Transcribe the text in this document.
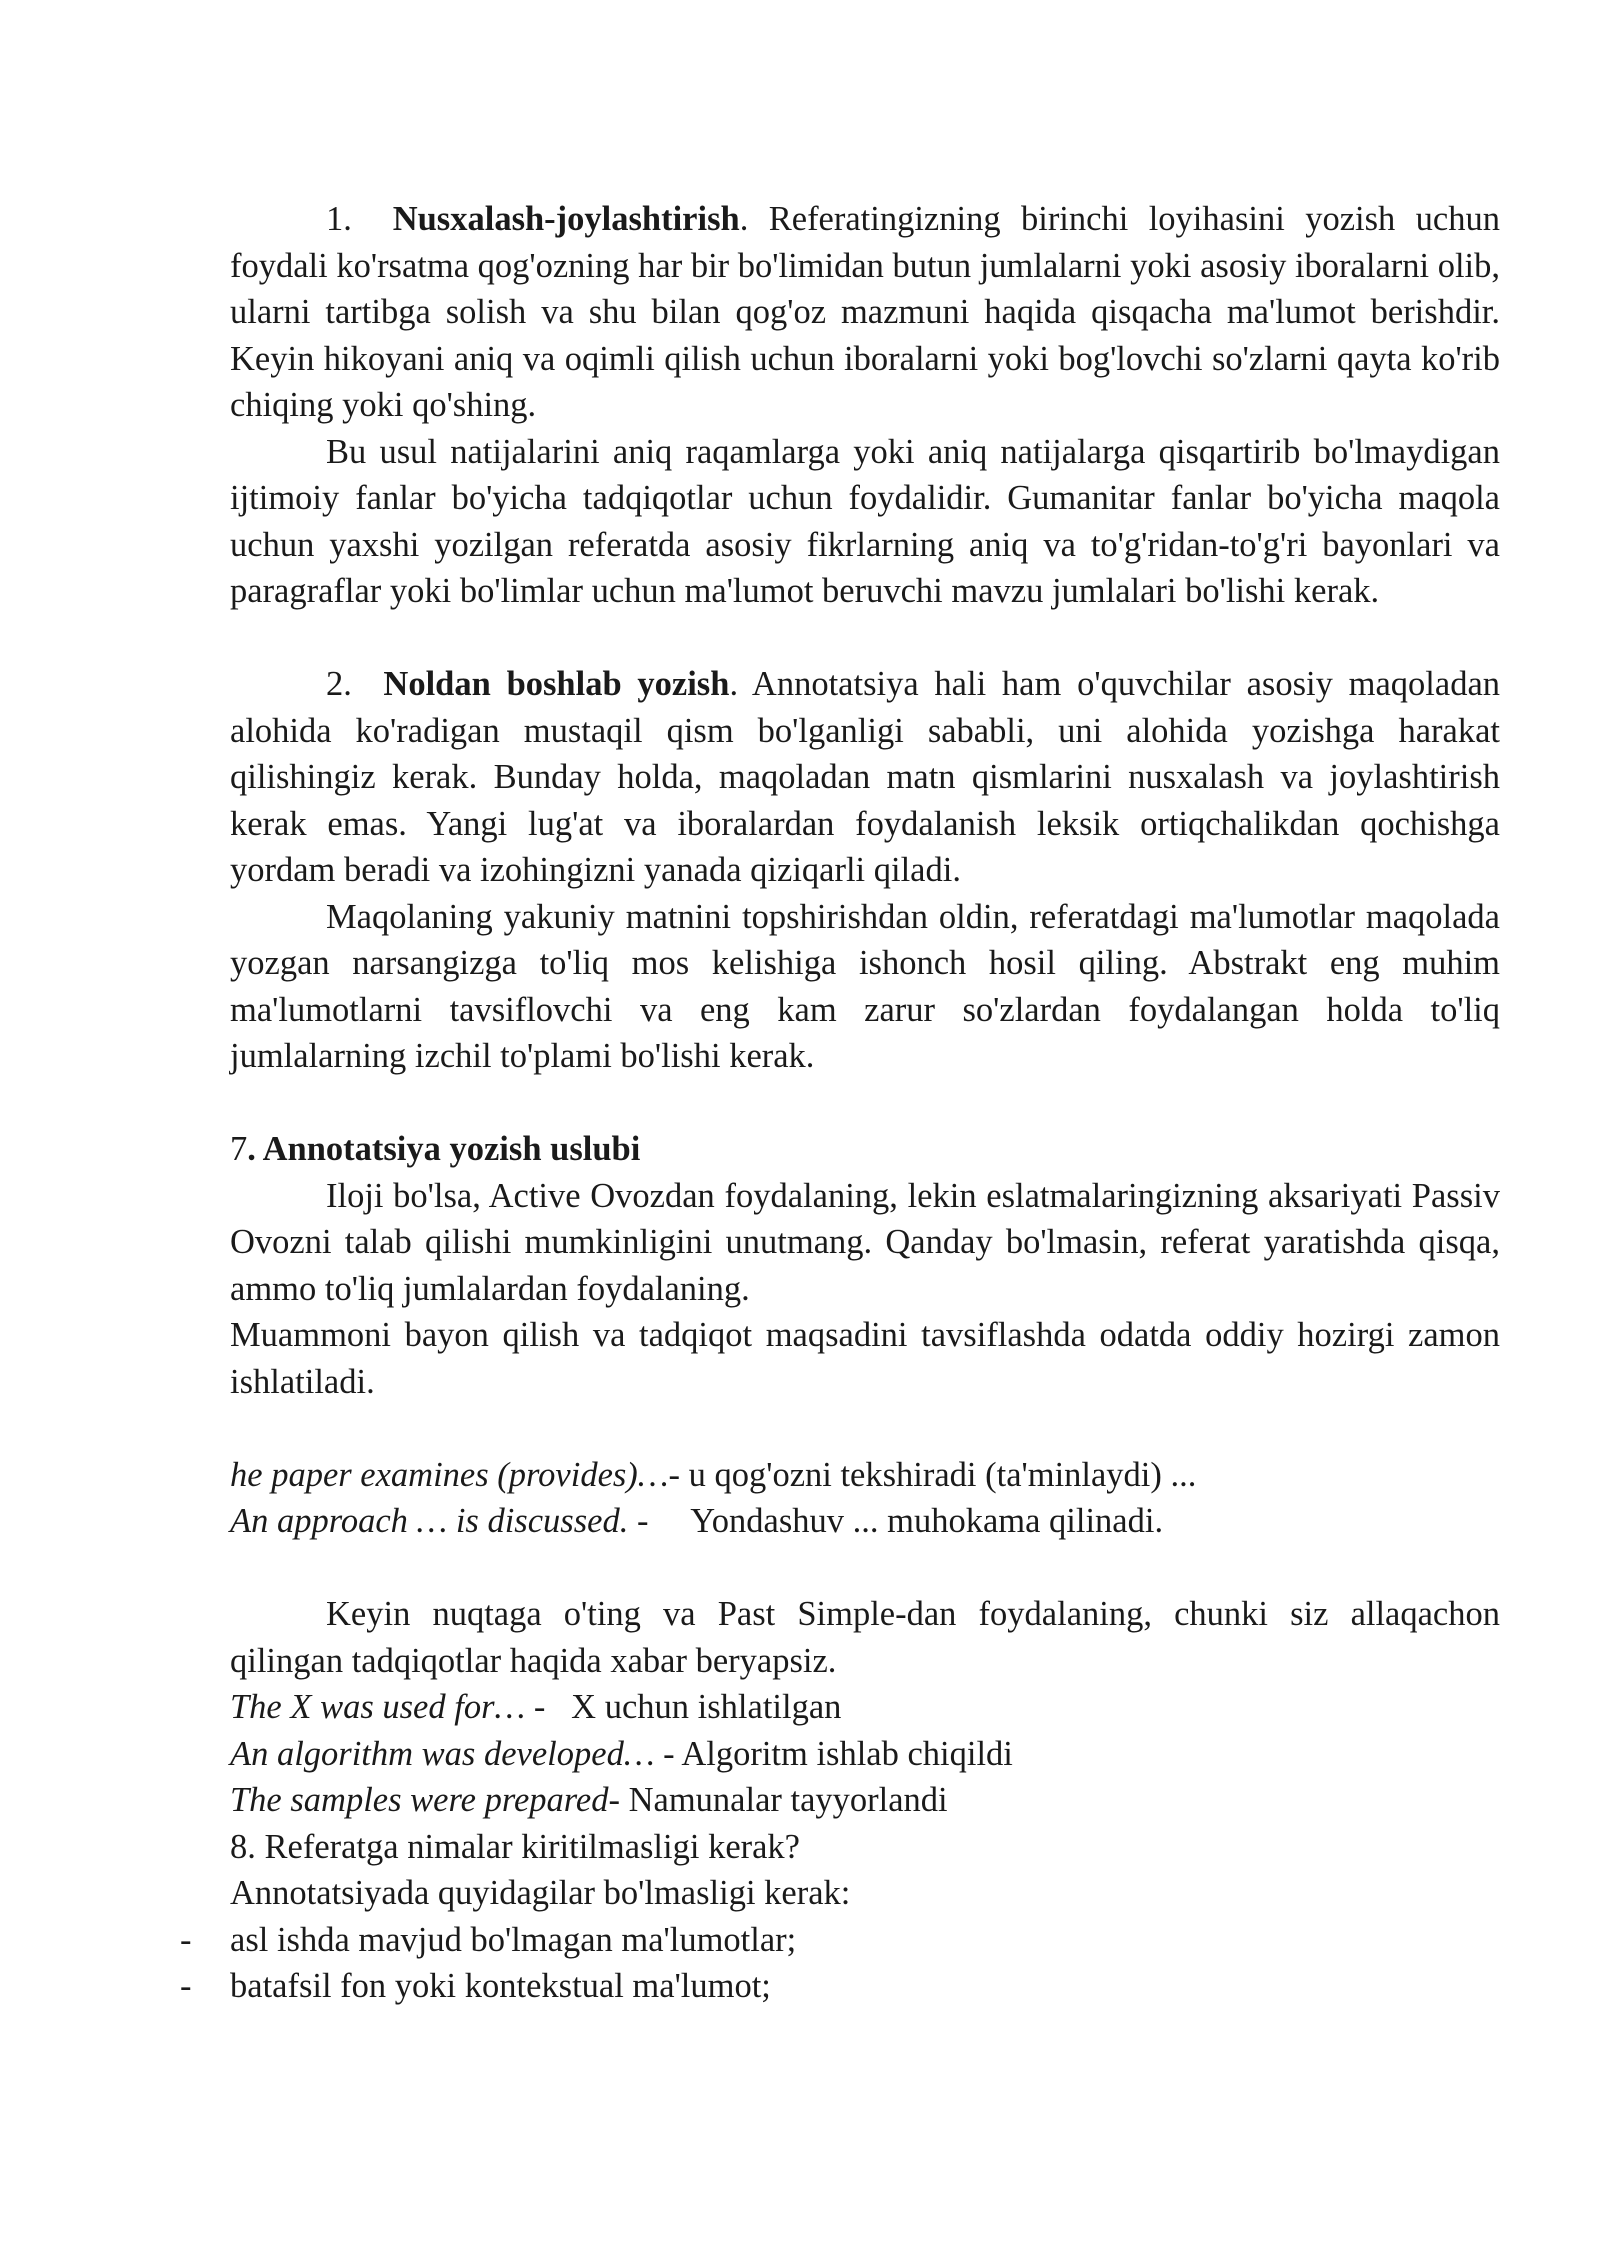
1. Nusxalash-joylashtirish. Referatingizning birinchi loyihasini yozish uchun foydali ko'rsatma qog'ozning har bir bo'limidan butun jumlalarni yoki asosiy iboralarni olib, ularni tartibga solish va shu bilan qog'oz mazmuni haqida qisqacha ma'lumot berishdir. Keyin hikoyani aniq va oqimli qilish uchun iboralarni yoki bog'lovchi so'zlarni qayta ko'rib chiqing yoki qo'shing.

Bu usul natijalarini aniq raqamlarga yoki aniq natijalarga qisqartirib bo'lmaydigan ijtimoiy fanlar bo'yicha tadqiqotlar uchun foydalidir. Gumanitar fanlar bo'yicha maqola uchun yaxshi yozilgan referatda asosiy fikrlarning aniq va to'g'ridan-to'g'ri bayonlari va paragraflar yoki bo'limlar uchun ma'lumot beruvchi mavzu jumlalari bo'lishi kerak.

2. Noldan boshlab yozish. Annotatsiya hali ham o'quvchilar asosiy maqoladan alohida ko'radigan mustaqil qism bo'lganligi sababli, uni alohida yozishga harakat qilishingiz kerak. Bunday holda, maqoladan matn qismlarini nusxalash va joylashtirish kerak emas. Yangi lug'at va iboralardan foydalanish leksik ortiqchalikdan qochishga yordam beradi va izohingizni yanada qiziqarli qiladi.

Maqolaning yakuniy matnini topshirishdan oldin, referatdagi ma'lumotlar maqolada yozgan narsangizga to'liq mos kelishiga ishonch hosil qiling. Abstrakt eng muhim ma'lumotlarni tavsiflovchi va eng kam zarur so'zlardan foydalangan holda to'liq jumlalarning izchil to'plami bo'lishi kerak.

7. Annotatsiya yozish uslubi

Iloji bo'lsa, Active Ovozdan foydalaning, lekin eslatmalaringizning aksariyati Passiv Ovozni talab qilishi mumkinligini unutmang. Qanday bo'lmasin, referat yaratishda qisqa, ammo to'liq jumlalardan foydalaning.

Muammoni bayon qilish va tadqiqot maqsadini tavsiflashda odatda oddiy hozirgi zamon ishlatiladi.

he paper examines (provides)…- u qog'ozni tekshiradi (ta'minlaydi) ...

An approach … is discussed. -     Yondashuv ... muhokama qilinadi.

Keyin nuqtaga o'ting va Past Simple-dan foydalaning, chunki siz allaqachon qilingan tadqiqotlar haqida xabar beryapsiz.

The X was used for… -   X uchun ishlatilgan

An algorithm was developed… - Algoritm ishlab chiqildi

The samples were prepared- Namunalar tayyorlandi

8. Referatga nimalar kiritilmasligi kerak?

Annotatsiyada quyidagilar bo'lmasligi kerak:

- asl ishda mavjud bo'lmagan ma'lumotlar;

- batafsil fon yoki kontekstual ma'lumot;
